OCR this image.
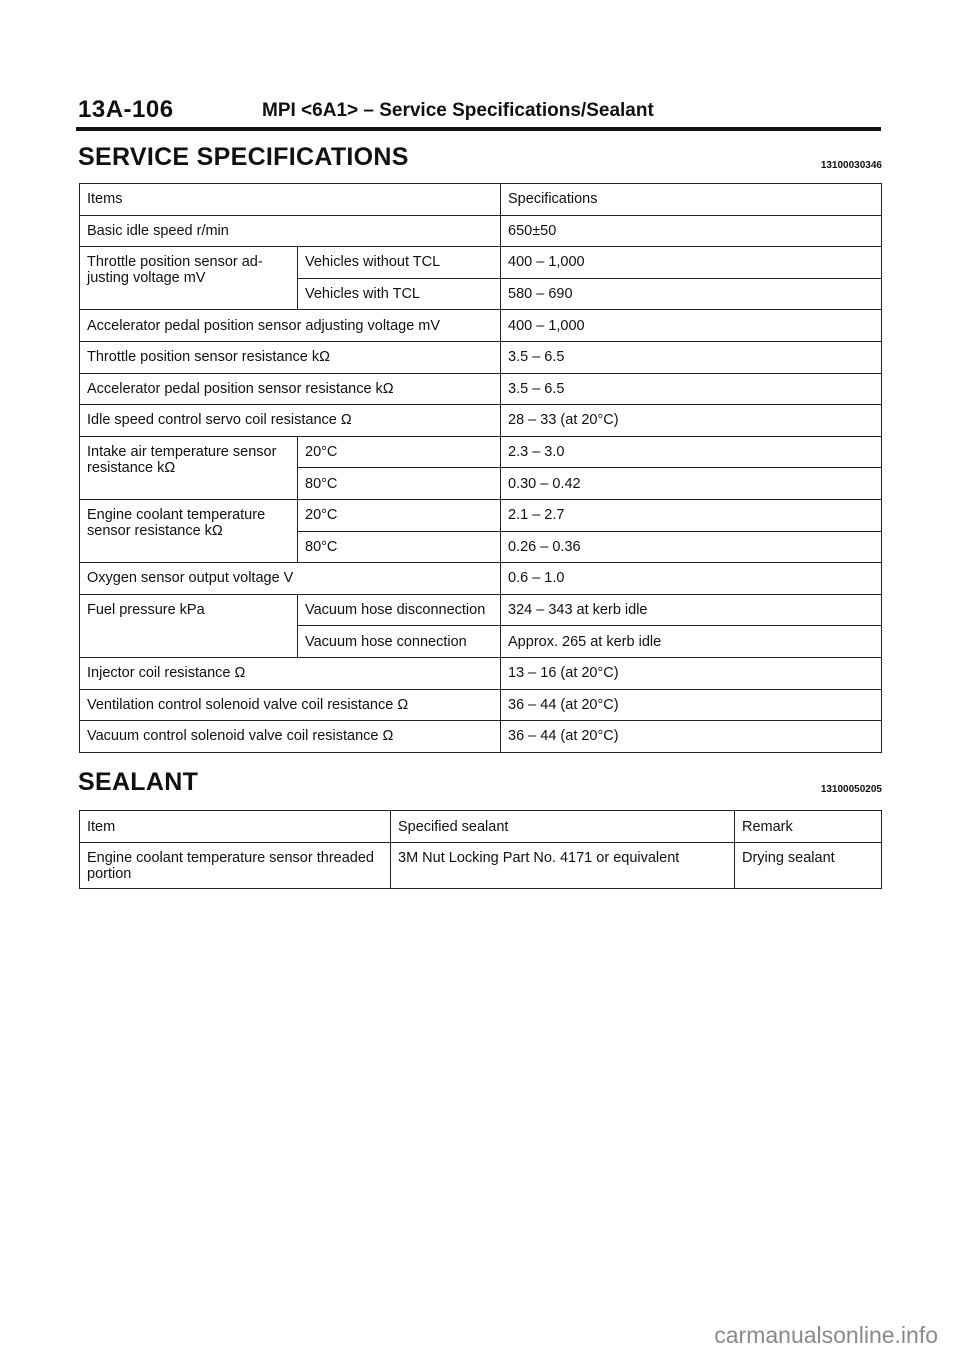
13A-106	MPI <6A1> – Service Specifications/Sealant
SERVICE SPECIFICATIONS	13100030346
Items		Specifications
Basic idle speed r/min		650±50
Throttle position sensor ad-justing voltage mV	Vehicles without TCL	400 – 1,000
	Vehicles with TCL	580 – 690
Accelerator pedal position sensor adjusting voltage mV		400 – 1,000
Throttle position sensor resistance kΩ		3.5 – 6.5
Accelerator pedal position sensor resistance kΩ		3.5 – 6.5
Idle speed control servo coil resistance Ω		28 – 33 (at 20°C)
Intake air temperature sensor resistance kΩ	20°C	2.3 – 3.0
	80°C	0.30 – 0.42
Engine coolant temperature sensor resistance kΩ	20°C	2.1 – 2.7
	80°C	0.26 – 0.36
Oxygen sensor output voltage V		0.6 – 1.0
Fuel pressure kPa	Vacuum hose disconnection	324 – 343 at kerb idle
	Vacuum hose connection	Approx. 265 at kerb idle
Injector coil resistance Ω		13 – 16 (at 20°C)
Ventilation control solenoid valve coil resistance Ω		36 – 44 (at 20°C)
Vacuum control solenoid valve coil resistance Ω		36 – 44 (at 20°C)
SEALANT	13100050205
Item	Specified sealant	Remark
Engine coolant temperature sensor threaded portion	3M Nut Locking Part No. 4171 or equivalent	Drying sealant
carmanualsonline.info
